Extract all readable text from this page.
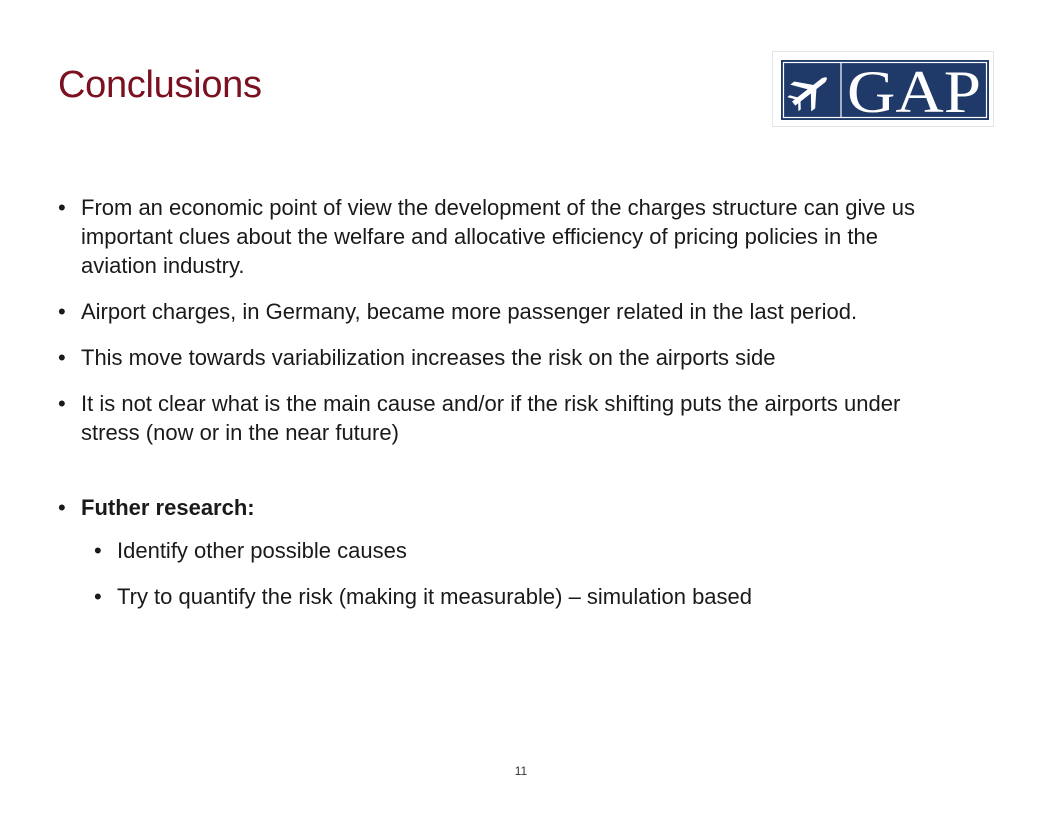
Conclusions	GAP
• From an economic point of view the development of the charges structure can give us important clues about the welfare and allocative efficiency of pricing policies in the aviation industry.
• Airport charges, in Germany, became more passenger related in the last period.
• This move towards variabilization increases the risk on the airports side
• It is not clear what is the main cause and/or if the risk shifting puts the airports under stress (now or in the near future)
• Futher research:
• Identify other possible causes
• Try to quantify the risk (making it measurable) – simulation based
11
